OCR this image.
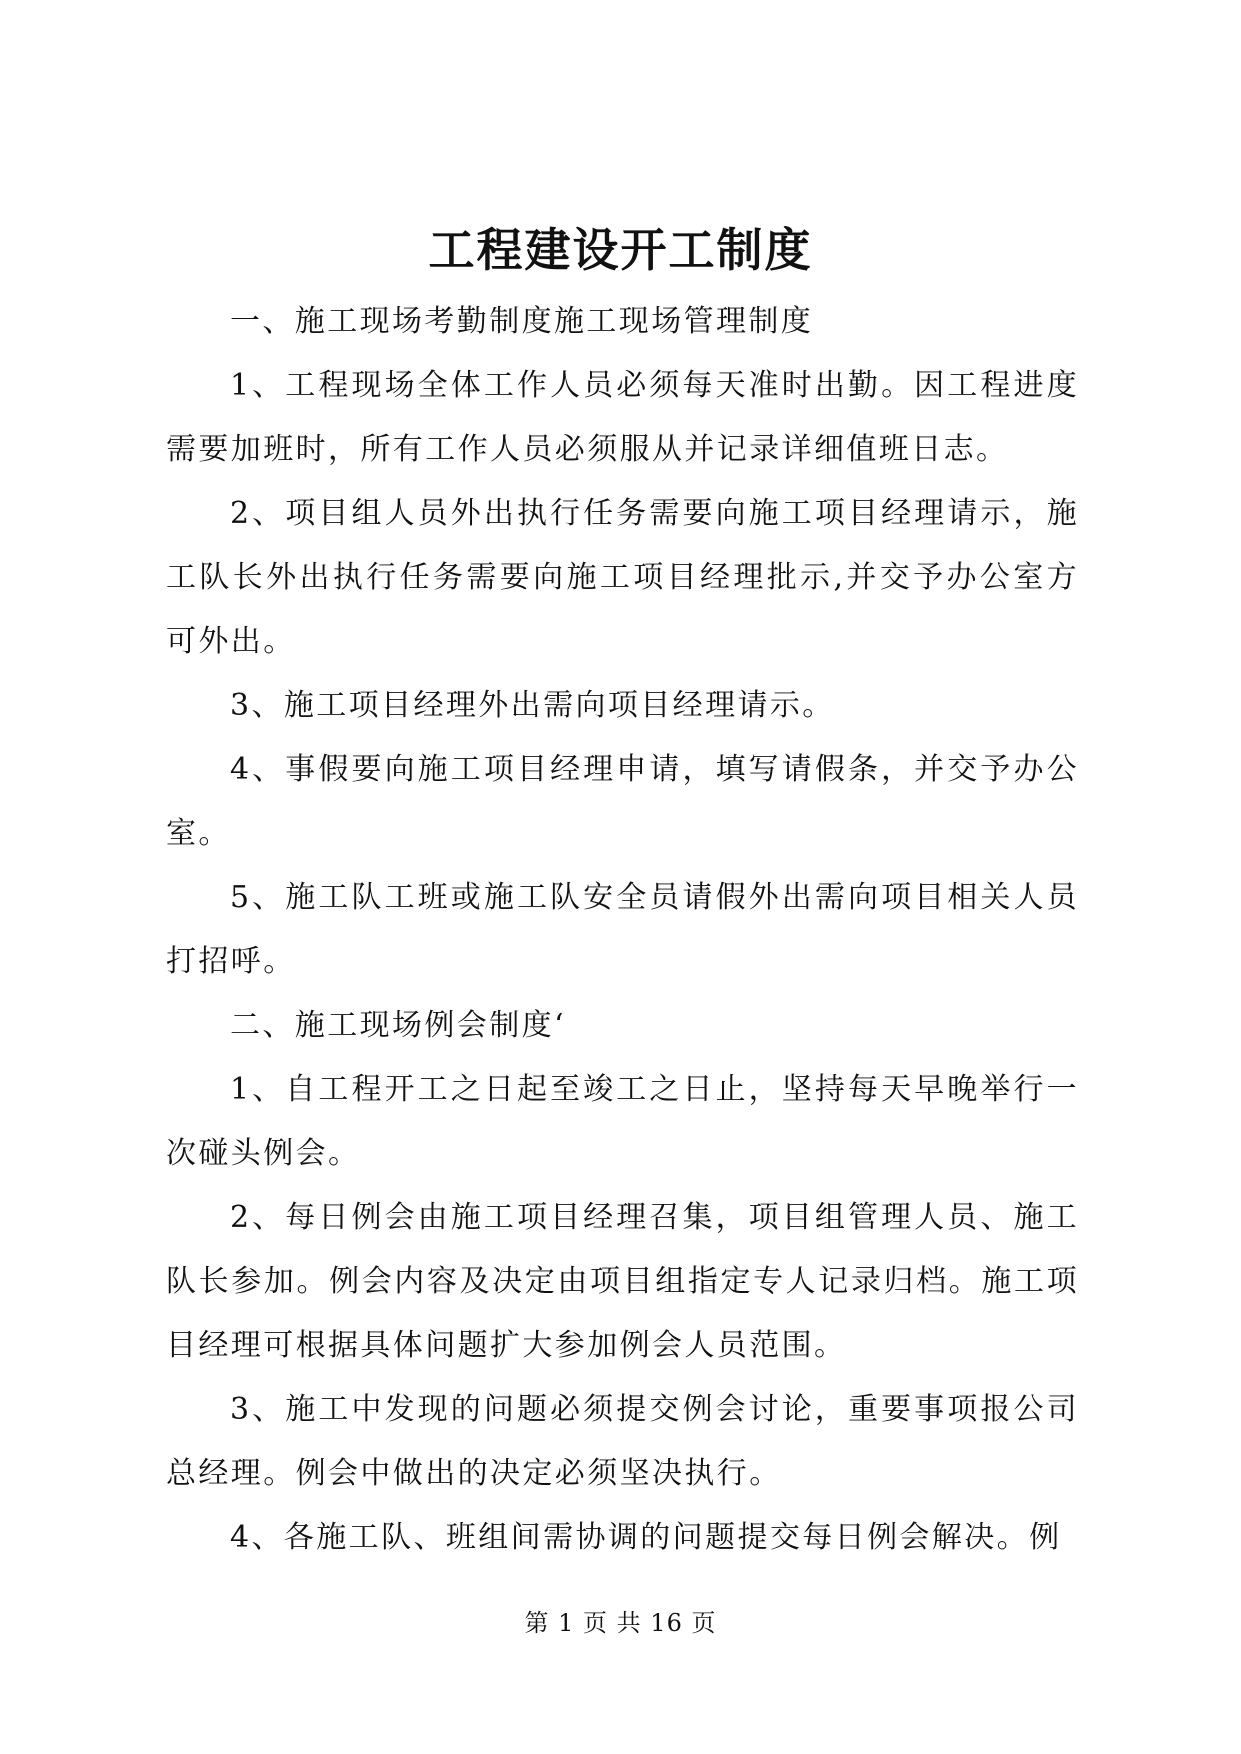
工程建设开工制度

一、施工现场考勤制度施工现场管理制度

1、工程现场全体工作人员必须每天准时出勤。因工程进度需要加班时，所有工作人员必须服从并记录详细值班日志。

2、项目组人员外出执行任务需要向施工项目经理请示，施工队长外出执行任务需要向施工项目经理批示,并交予办公室方可外出。

3、施工项目经理外出需向项目经理请示。

4、事假要向施工项目经理申请，填写请假条，并交予办公室。

5、施工队工班或施工队安全员请假外出需向项目相关人员打招呼。

二、施工现场例会制度‘

1、自工程开工之日起至竣工之日止，坚持每天早晚举行一次碰头例会。

2、每日例会由施工项目经理召集，项目组管理人员、施工队长参加。例会内容及决定由项目组指定专人记录归档。施工项目经理可根据具体问题扩大参加例会人员范围。

3、施工中发现的问题必须提交例会讨论，重要事项报公司总经理。例会中做出的决定必须坚决执行。

4、各施工队、班组间需协调的问题提交每日例会解决。例

第 1 页 共 16 页
